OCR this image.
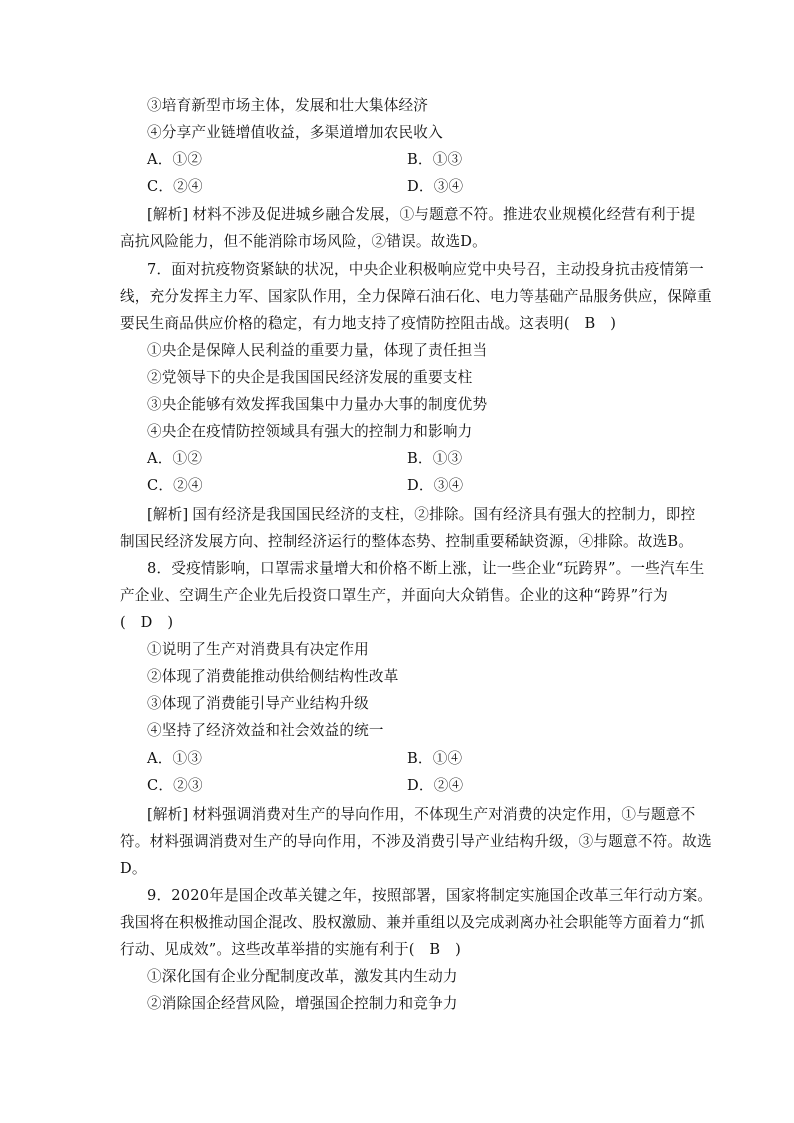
③培育新型市场主体，发展和壮大集体经济
④分享产业链增值收益，多渠道增加农民收入
A．①②	B．①③
C．②④	D．③④
[解析] 材料不涉及促进城乡融合发展，①与题意不符。推进农业规模化经营有利于提
高抗风险能力，但不能消除市场风险，②错误。故选D。
7．面对抗疫物资紧缺的状况，中央企业积极响应党中央号召，主动投身抗击疫情第一
线，充分发挥主力军、国家队作用，全力保障石油石化、电力等基础产品服务供应，保障重
要民生商品供应价格的稳定，有力地支持了疫情防控阻击战。这表明(　B　)
①央企是保障人民利益的重要力量，体现了责任担当
②党领导下的央企是我国国民经济发展的重要支柱
③央企能够有效发挥我国集中力量办大事的制度优势
④央企在疫情防控领域具有强大的控制力和影响力
A．①②	B．①③
C．②④	D．③④
[解析] 国有经济是我国国民经济的支柱，②排除。国有经济具有强大的控制力，即控
制国民经济发展方向、控制经济运行的整体态势、控制重要稀缺资源，④排除。故选B。
8．受疫情影响，口罩需求量增大和价格不断上涨，让一些企业“玩跨界”。一些汽车生
产企业、空调生产企业先后投资口罩生产，并面向大众销售。企业的这种“跨界”行为
(　D　)
①说明了生产对消费具有决定作用
②体现了消费能推动供给侧结构性改革
③体现了消费能引导产业结构升级
④坚持了经济效益和社会效益的统一
A．①③	B．①④
C．②③	D．②④
[解析] 材料强调消费对生产的导向作用，不体现生产对消费的决定作用，①与题意不
符。材料强调消费对生产的导向作用，不涉及消费引导产业结构升级，③与题意不符。故选
D。
9．2020年是国企改革关键之年，按照部署，国家将制定实施国企改革三年行动方案。
我国将在积极推动国企混改、股权激励、兼并重组以及完成剥离办社会职能等方面着力“抓
行动、见成效”。这些改革举措的实施有利于(　B　)
①深化国有企业分配制度改革，激发其内生动力
②消除国企经营风险，增强国企控制力和竞争力
